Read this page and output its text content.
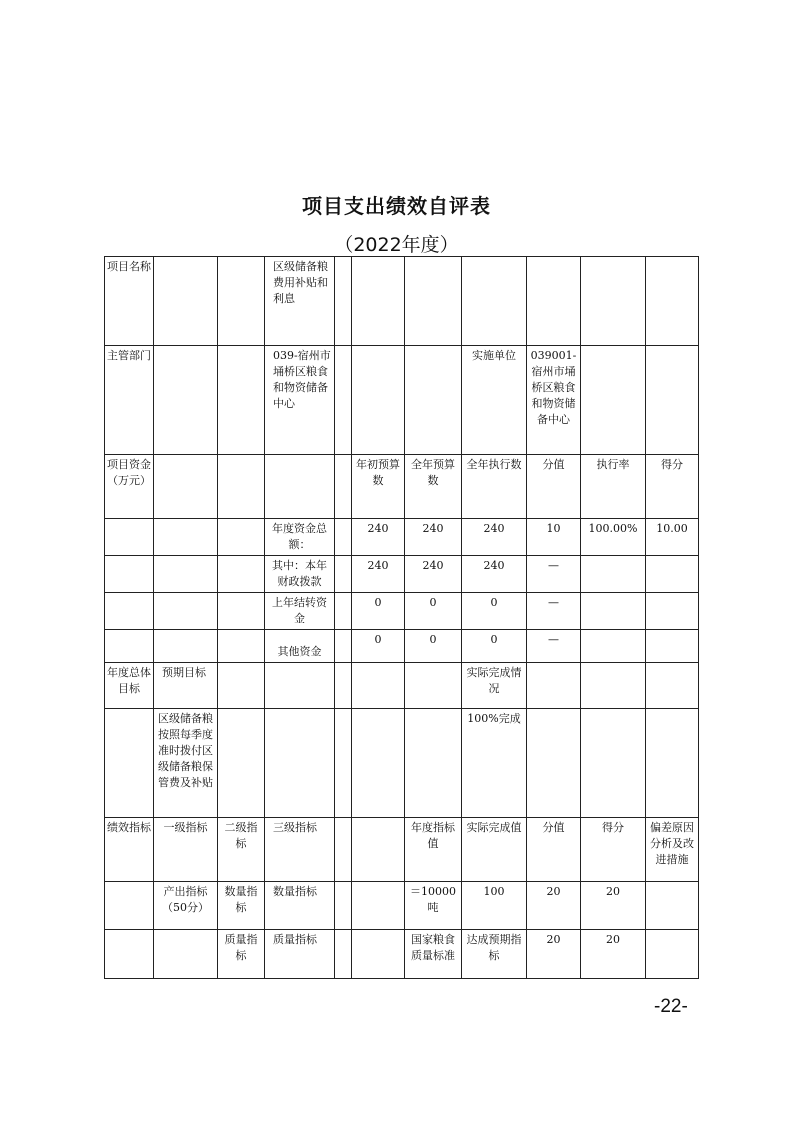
项目支出绩效自评表
（2022年度）
项目名称			区级储备粮费用补贴和利息							
主管部门			039-宿州市埇桥区粮食和物资储备中心				实施单位	039001-宿州市埇桥区粮食和物资储备中心		
项目资金（万元）					年初预算数	全年预算数	全年执行数	分值	执行率	得分
			年度资金总额：		240	240	240	10	100.00%	10.00
			其中：本年财政拨款		240	240	240	—		
			上年结转资金		0	0	0	—		
			其他资金		0	0	0	—		
年度总体目标	预期目标						实际完成情况			
	区级储备粮按照每季度准时拨付区级储备粮保管费及补贴						100%完成			
绩效指标	一级指标	二级指标	三级指标			年度指标值	实际完成值	分值	得分	偏差原因分析及改进措施
	产出指标（50分）	数量指标	数量指标			＝10000吨	100	20	20	
		质量指标	质量指标			国家粮食质量标准	达成预期指标	20	20	
-22-
